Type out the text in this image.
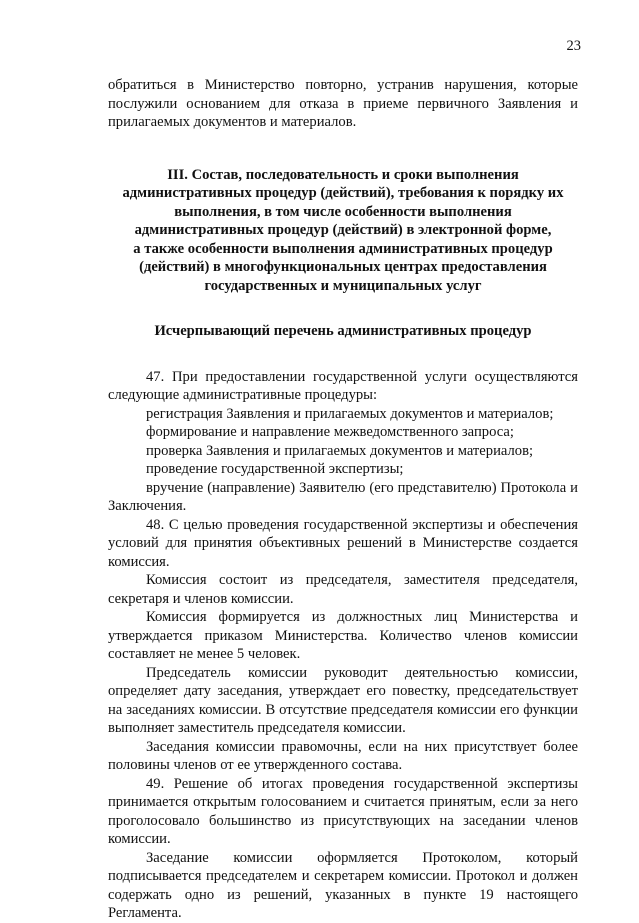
23

обратиться в Министерство повторно, устранив нарушения, которые послужили основанием для отказа в приеме первичного Заявления и прилагаемых документов и материалов.

III. Состав, последовательность и сроки выполнения
административных процедур (действий), требования к порядку их
выполнения, в том числе особенности выполнения
административных процедур (действий) в электронной форме,
а также особенности выполнения административных процедур
(действий) в многофункциональных центрах предоставления
государственных и муниципальных услуг
Исчерпывающий перечень административных процедур

47. При предоставлении государственной услуги осуществляются следующие административные процедуры:

регистрация Заявления и прилагаемых документов и материалов;
формирование и направление межведомственного запроса;
проверка Заявления и прилагаемых документов и материалов;
проведение государственной экспертизы;

вручение (направление) Заявителю (его представителю) Протокола и Заключения.

48. С целью проведения государственной экспертизы и обеспечения условий для принятия объективных решений в Министерстве создается комиссия.

Комиссия состоит из председателя, заместителя председателя, секретаря и членов комиссии.

Комиссия формируется из должностных лиц Министерства и утверждается приказом Министерства. Количество членов комиссии составляет не менее 5 человек.

Председатель комиссии руководит деятельностью комиссии, определяет дату заседания, утверждает его повестку, председательствует на заседаниях комиссии. В отсутствие председателя комиссии его функции выполняет заместитель председателя комиссии.

Заседания комиссии правомочны, если на них присутствует более половины членов от ее утвержденного состава.

49. Решение об итогах проведения государственной экспертизы принимается открытым голосованием и считается принятым, если за него проголосовало большинство из присутствующих на заседании членов комиссии.

Заседание комиссии оформляется Протоколом, который подписывается председателем и секретарем комиссии. Протокол и должен содержать одно из решений, указанных в пункте 19 настоящего Регламента.
